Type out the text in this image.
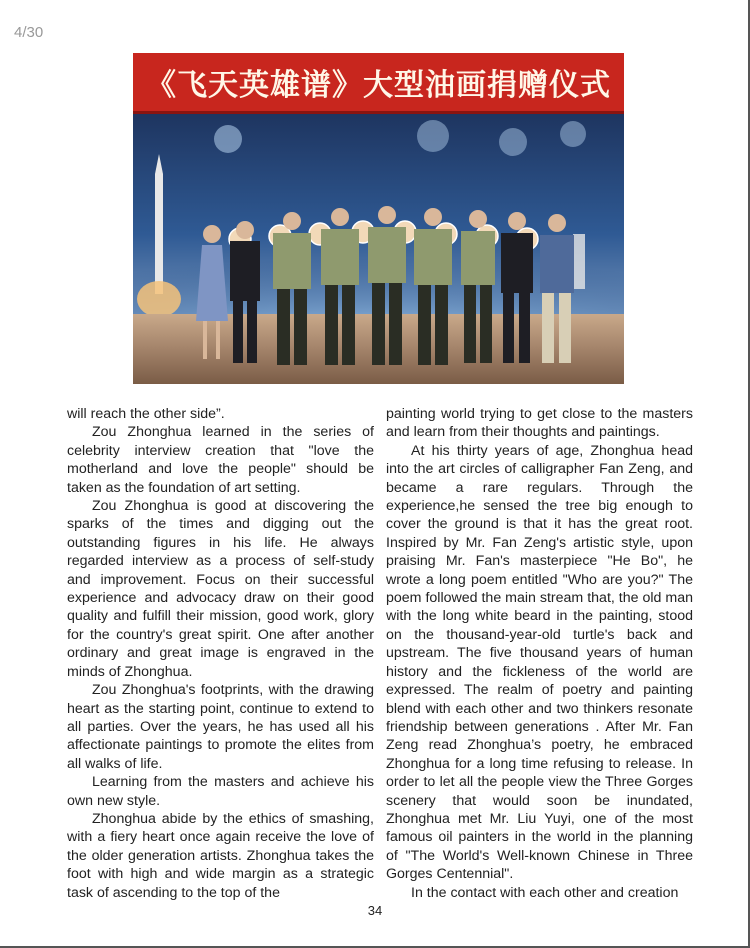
4/30
《飞天英雄谱》大型油画捐赠仪式

will reach the other side”.

Zou Zhonghua learned in the series of celebrity interview creation that "love the motherland and love the people" should be taken as the foundation of art setting.

Zou Zhonghua is good at discovering the sparks of the times and digging out the outstanding figures in his life. He always regarded interview as a process of self-study and improvement. Focus on their successful experience and advocacy draw on their good quality and fulfill their mission, good work, glory for the country's great spirit. One after another ordinary and great image is engraved in the minds of Zhonghua.

Zou Zhonghua's footprints, with the drawing heart as the starting point, continue to extend to all parties. Over the years, he has used all his affectionate paintings to promote the elites from all walks of life.

Learning from the masters and achieve his own new style.

Zhonghua abide by the ethics of smashing, with a fiery heart once again receive the love of the older generation artists. Zhonghua takes the foot with high and wide margin as a strategic task of ascending to the top of the

painting world trying to get close to the masters and learn from their thoughts and paintings.

At his thirty years of age, Zhonghua head into the art circles of calligrapher Fan Zeng, and became a rare regulars. Through the experience,he sensed the tree big enough to cover the ground is that it has the great root. Inspired by Mr. Fan Zeng's artistic style, upon praising Mr. Fan's masterpiece "He Bo", he wrote a long poem entitled "Who are you?" The poem followed the main stream that, the old man with the long white beard in the painting, stood on the thousand-year-old turtle's back and upstream. The five thousand years of human history and the fickleness of the world are expressed. The realm of poetry and painting blend with each other and two thinkers resonate friendship between generations . After Mr. Fan Zeng read Zhonghua’s poetry, he embraced Zhonghua for a long time refusing to release. In order to let all the people view the Three Gorges scenery that would soon be inundated, Zhonghua met Mr. Liu Yuyi, one of the most famous oil painters in the world in the planning of "The World's Well-known Chinese in Three Gorges Centennial".

In the contact with each other and creation

34
